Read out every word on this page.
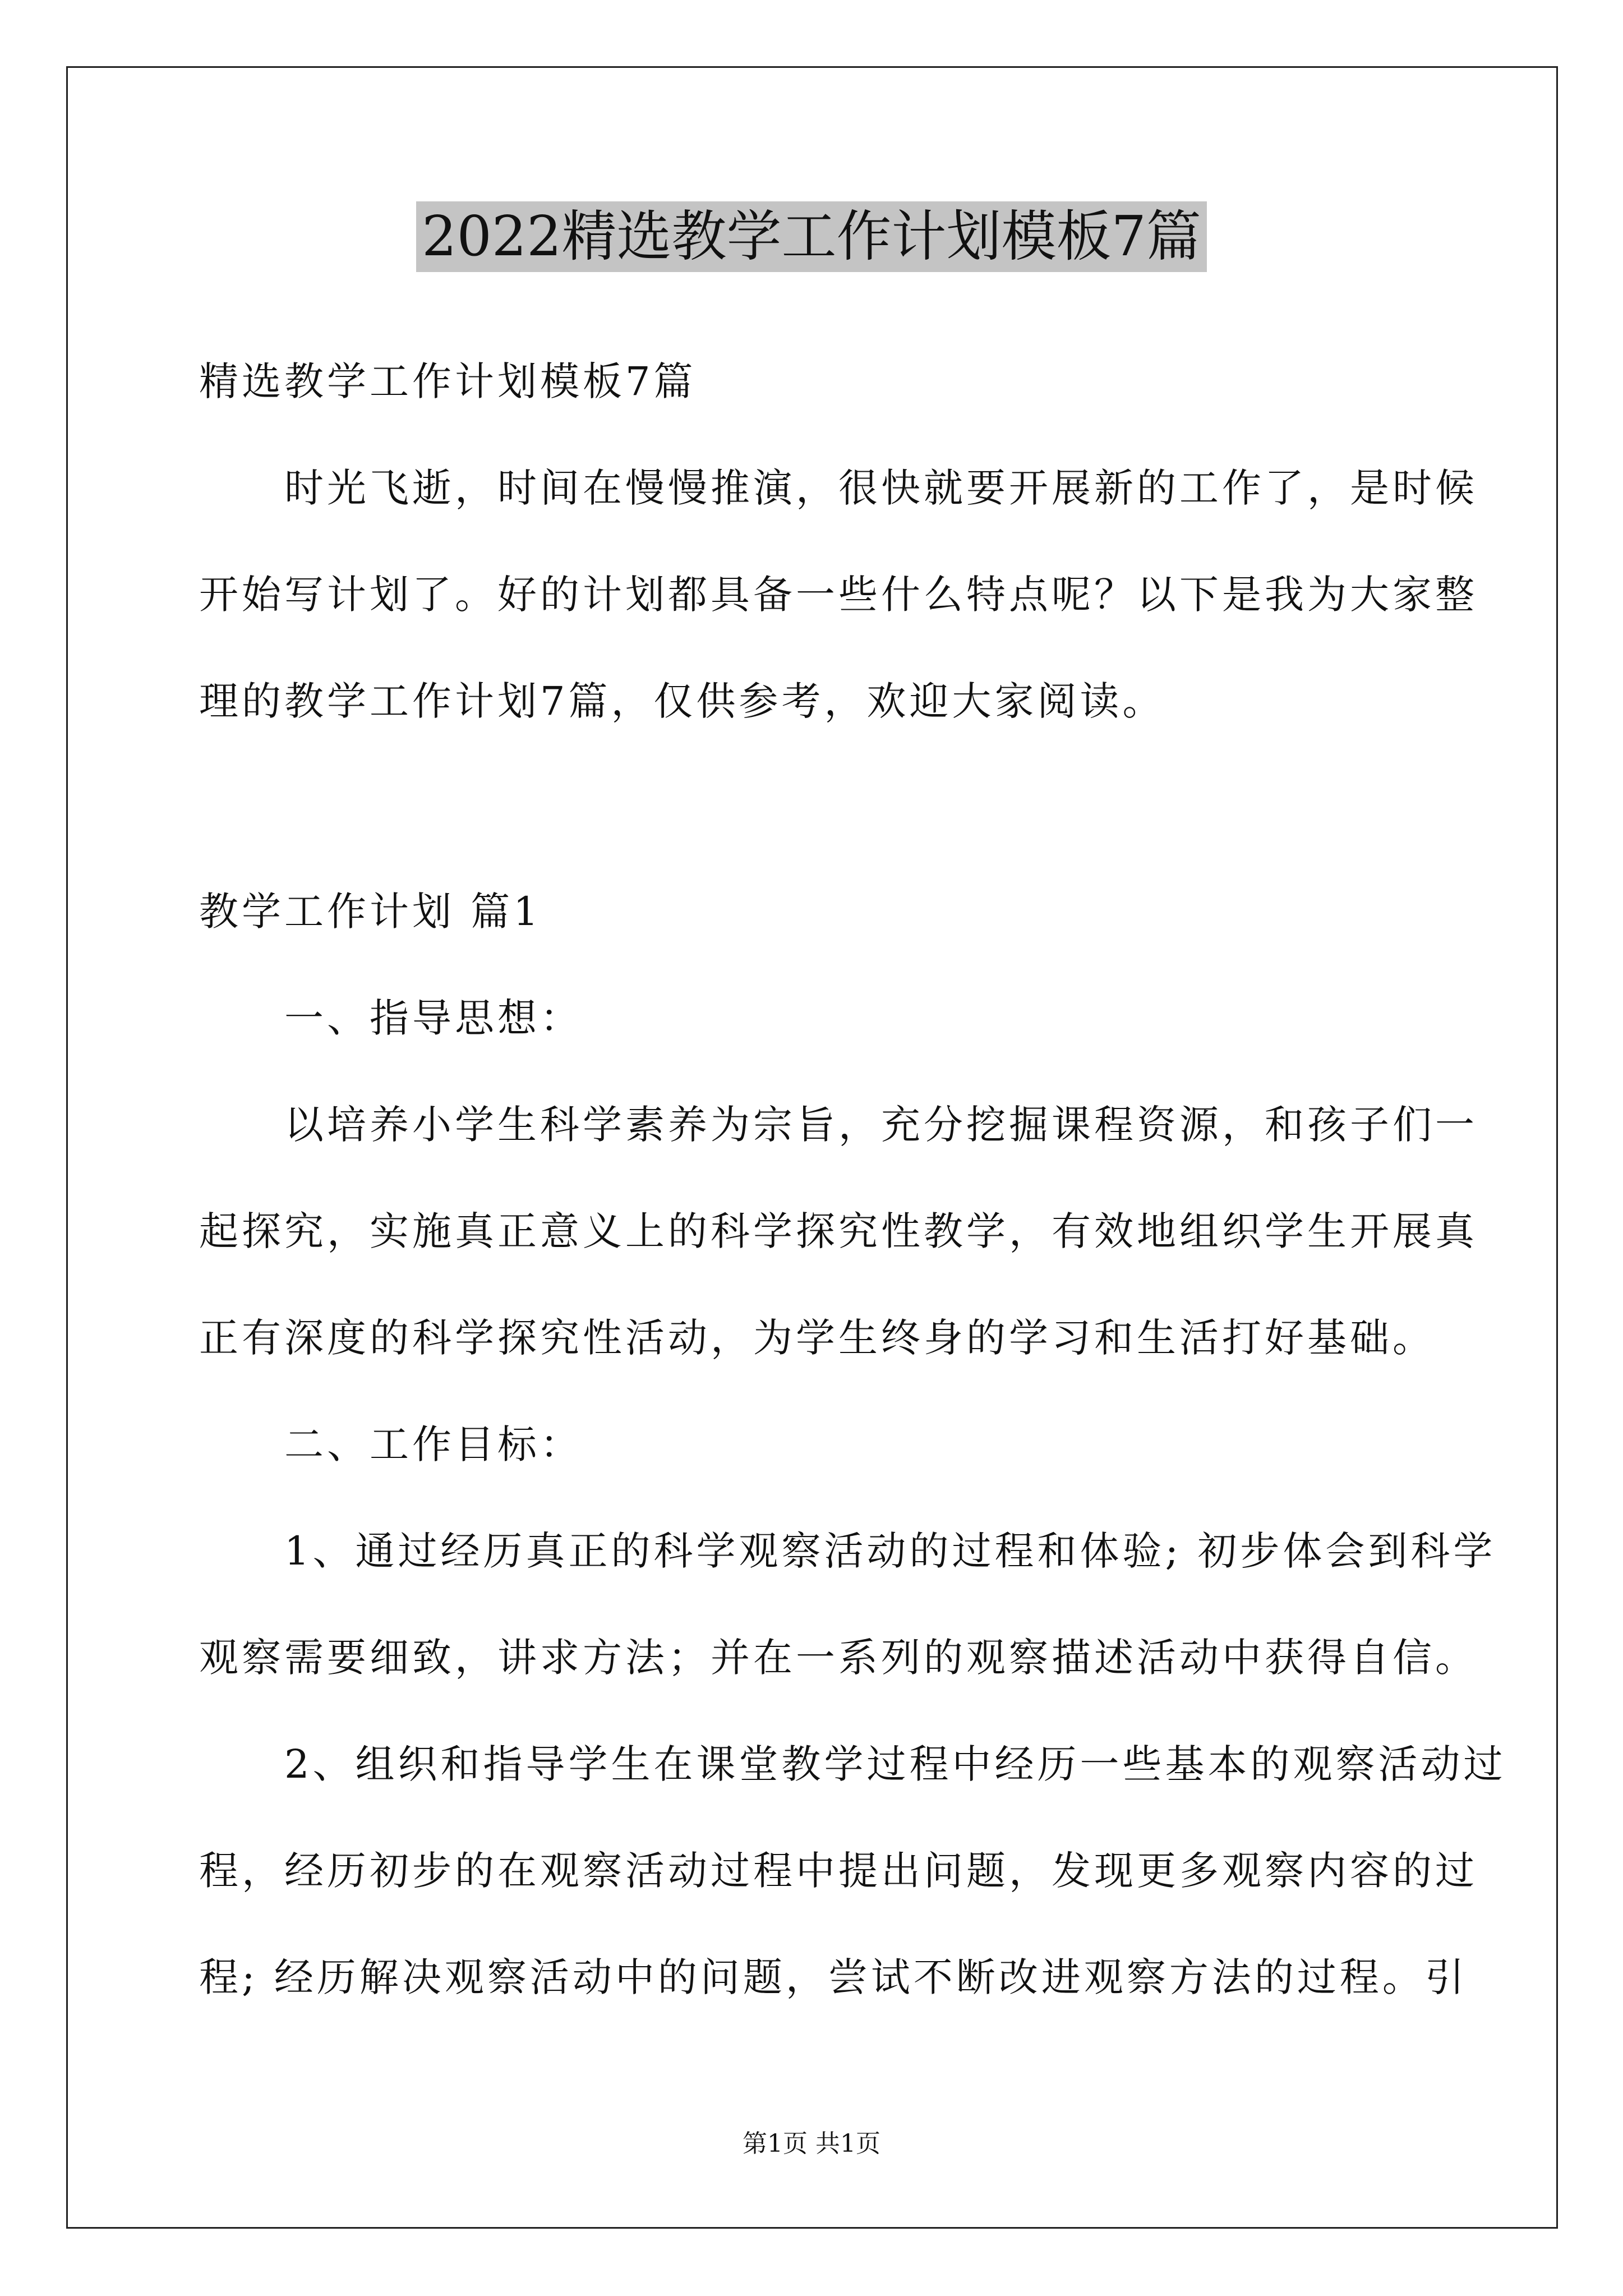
2022精选教学工作计划模板7篇

精选教学工作计划模板7篇

　　时光飞逝，时间在慢慢推演，很快就要开展新的工作了，是时候

开始写计划了。好的计划都具备一些什么特点呢？以下是我为大家整

理的教学工作计划7篇，仅供参考，欢迎大家阅读。

教学工作计划 篇1

　　一、指导思想：

　　以培养小学生科学素养为宗旨，充分挖掘课程资源，和孩子们一

起探究，实施真正意义上的科学探究性教学，有效地组织学生开展真

正有深度的科学探究性活动，为学生终身的学习和生活打好基础。

　　二、工作目标：

　　1、通过经历真正的科学观察活动的过程和体验; 初步体会到科学

观察需要细致，讲求方法；并在一系列的观察描述活动中获得自信。

　　2、组织和指导学生在课堂教学过程中经历一些基本的观察活动过

程，经历初步的在观察活动过程中提出问题，发现更多观察内容的过

程; 经历解决观察活动中的问题，尝试不断改进观察方法的过程。引

第1页 共1页
